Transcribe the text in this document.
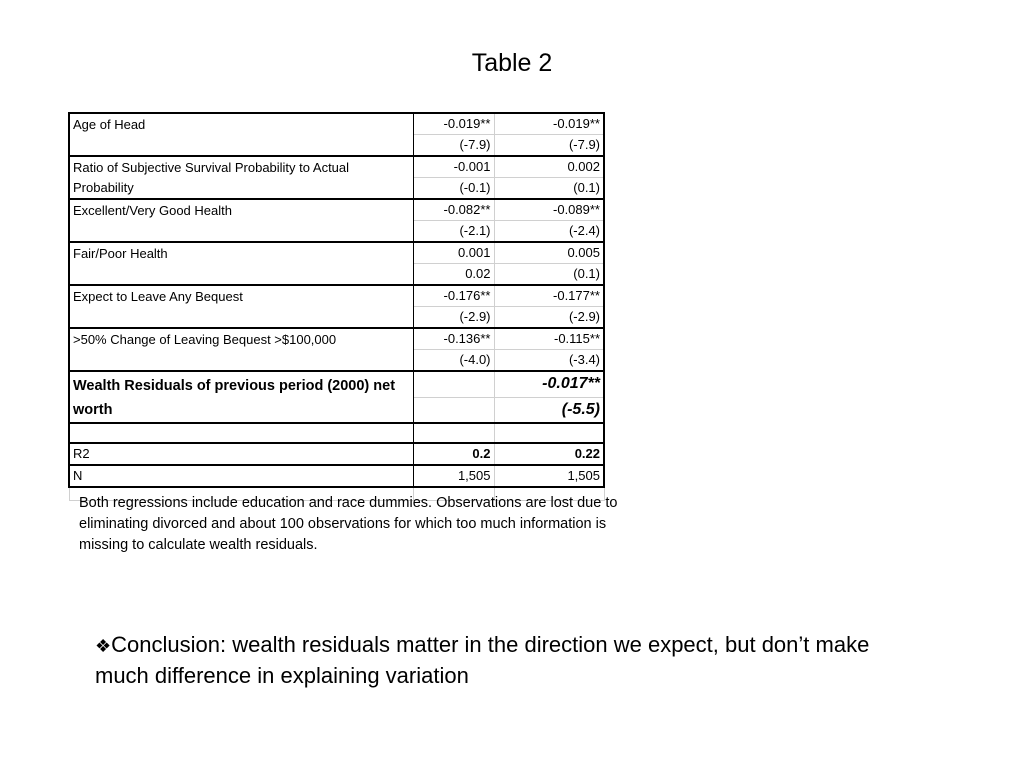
Table 2
Age of Head	-0.019**	-0.019**
	(-7.9)	(-7.9)
Ratio of Subjective Survival Probability to Actual Probability	-0.001	0.002
	(-0.1)	(0.1)
Excellent/Very Good Health	-0.082**	-0.089**
	(-2.1)	(-2.4)
Fair/Poor Health	0.001	0.005
	0.02	(0.1)
Expect to Leave Any Bequest	-0.176**	-0.177**
	(-2.9)	(-2.9)
>50% Change of Leaving Bequest >$100,000	-0.136**	-0.115**
	(-4.0)	(-3.4)
Wealth Residuals of previous period (2000) net worth		-0.017**
		(-5.5)

R2	0.2	0.22
N	1,505	1,505

Both regressions include education and race dummies. Observations are lost due to eliminating divorced and about 100 observations for which too much information is missing to calculate wealth residuals.
❖Conclusion: wealth residuals matter in the direction we expect, but don’t make much difference in explaining variation
